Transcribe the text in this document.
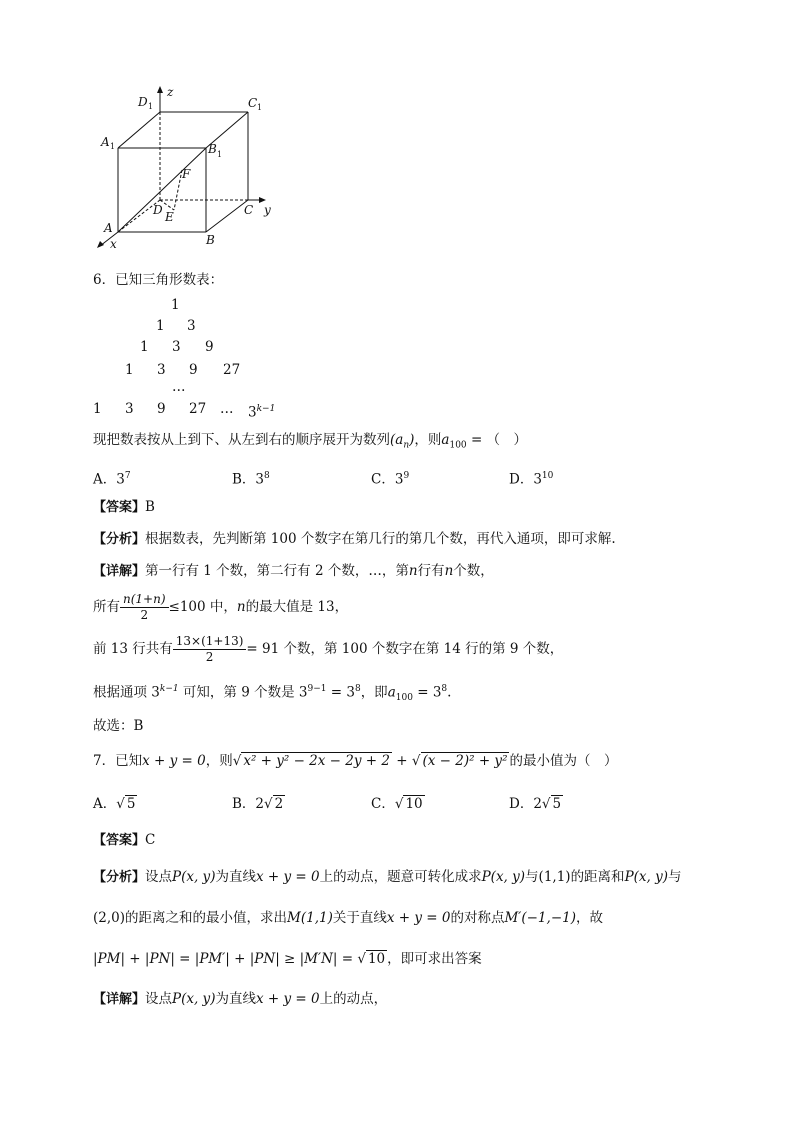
z
y
x
D 1	C 1
A 1	B 1
F
D E
A
B
C
6．已知三角形数表：
1
1 3
1 3 9
1 3 9 27
…
1 3 9 27 … $3^{k-1}$
现把数表按从上到下、从左到右的顺序展开为数列$(a_n)$，则$a_{100}$ = （　）
A．$3^7$	B．$3^8$	C．$3^9$	D．$3^{10}$
【答案】B
【分析】根据数表，先判断第 100 个数字在第几行的第几个数，再代入通项，即可求解.
【详解】第一行有 1 个数，第二行有 2 个数，…，第n行有n个数，
所有 $\frac{n(1+n)}{2} \le 100$ 中，n的最大值是 13，
前 13 行共有 $\frac{13\times(1+13)}{2} = 91$ 个数，第 100 个数字在第 14 行的第 9 个数，
根据通项 $3^{k-1}$ 可知，第 9 个数是 $3^{9-1} = 3^8$，即$a_{100} = 3^8$.
故选：B
7．已知x + y = 0，则√ x² + y² − 2x − 2y + 2 + √ (x − 2)² + y² 的最小值为（　）
A．√ 5	B．2√ 2	C．√ 10	D．2√ 5
【答案】C
【分析】设点P(x, y)为直线x + y = 0上的动点，题意可转化成求P(x, y)与(1,1)的距离和P(x, y)与
(2,0)的距离之和的最小值，求出M(1,1)关于直线x + y = 0的对称点M′(−1,−1)，故
|PM| + |PN| = |PM′| + |PN| ≥ |M′N| = √ 10 ，即可求出答案
【详解】设点P(x, y)为直线x + y = 0上的动点，
